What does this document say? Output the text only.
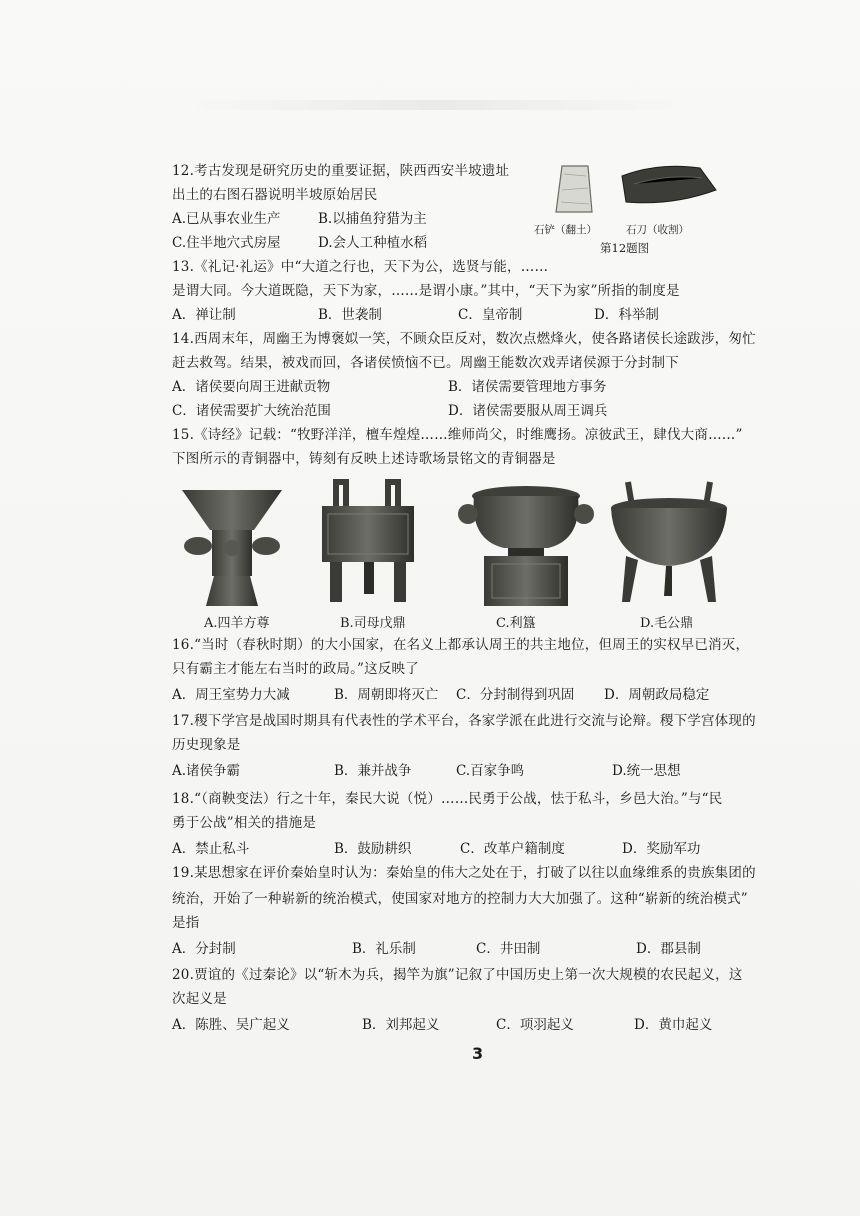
12.考古发现是研究历史的重要证据，陕西西安半坡遗址
出土的右图石器说明半坡原始居民
A.已从事农业生产	B.以捕鱼狩猎为主
C.住半地穴式房屋	D.会人工种植水稻
石铲（翻土）	石刀（收割）
第12题图
13.《礼记·礼运》中“大道之行也，天下为公，选贤与能，……
是谓大同。今大道既隐，天下为家，……是谓小康。”其中，“天下为家”所指的制度是
A．禅让制	B．世袭制	C．皇帝制	D．科举制
14.西周末年，周幽王为博褒姒一笑，不顾众臣反对，数次点燃烽火，使各路诸侯长途跋涉，匆忙
赶去救驾。结果，被戏而回，各诸侯愤恼不已。周幽王能数次戏弄诸侯源于分封制下
A．诸侯要向周王进献贡物	B．诸侯需要管理地方事务
C．诸侯需要扩大统治范围	D．诸侯需要服从周王调兵
15.《诗经》记载：“牧野洋洋，檀车煌煌……维师尚父，时维鹰扬。凉彼武王，肆伐大商……”
下图所示的青铜器中，铸刻有反映上述诗歌场景铭文的青铜器是
A.四羊方尊	B.司母戊鼎	C.利簋	D.毛公鼎
16.“当时（春秋时期）的大小国家，在名义上都承认周王的共主地位，但周王的实权早已消灭，
只有霸主才能左右当时的政局。”这反映了
A．周王室势力大减	B．周朝即将灭亡 C．分封制得到巩固 D．周朝政局稳定
17.稷下学宫是战国时期具有代表性的学术平台，各家学派在此进行交流与论辩。稷下学宫体现的
历史现象是
A.诸侯争霸	B．兼并战争	C.百家争鸣	D.统一思想
18.“（商鞅变法）行之十年，秦民大说（悦）……民勇于公战，怯于私斗，乡邑大治。”与“民
勇于公战”相关的措施是
A．禁止私斗	B．鼓励耕织	C．改革户籍制度	D．奖励军功
19.某思想家在评价秦始皇时认为：秦始皇的伟大之处在于，打破了以往以血缘维系的贵族集团的
统治，开始了一种崭新的统治模式，使国家对地方的控制力大大加强了。这种“崭新的统治模式”
是指
A．分封制	B．礼乐制	C．井田制	D．郡县制
20.贾谊的《过秦论》以“斩木为兵，揭竿为旗”记叙了中国历史上第一次大规模的农民起义，这
次起义是
A．陈胜、吴广起义	B．刘邦起义	C．项羽起义	D．黄巾起义
3
